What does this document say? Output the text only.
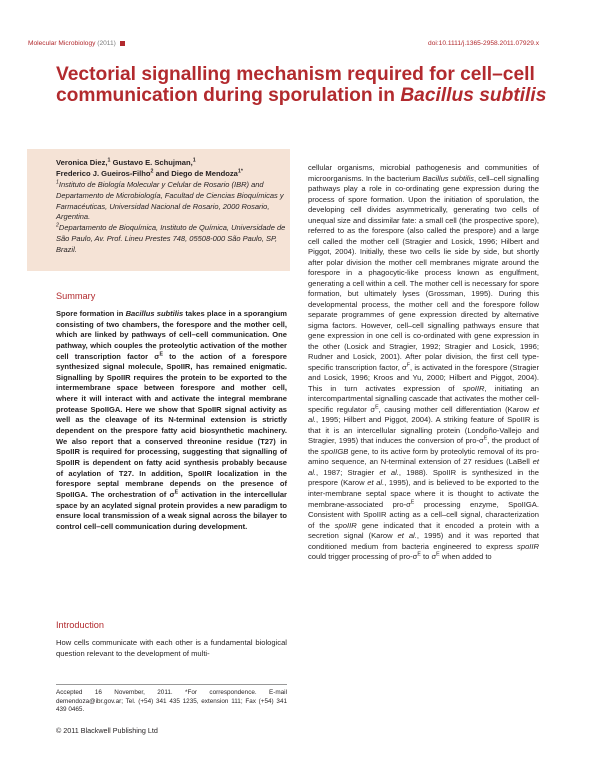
Molecular Microbiology (2011)	doi:10.1111/j.1365-2958.2011.07929.x
Vectorial signalling mechanism required for cell–cell
communication during sporulation in Bacillus subtilis
Veronica Diez,$^1$ Gustavo E. Schujman,$^1$
Frederico J. Gueiros-Filho$^2$ and Diego de Mendoza$^{1*}$

$^1$Instituto de Biología Molecular y Celular de Rosario (IBR) and Departamento de Microbiología, Facultad de Ciencias Bioquímicas y Farmacéuticas, Universidad Nacional de Rosario, 2000 Rosario, Argentina.

$^2$Departamento de Bioquímica, Instituto de Química, Universidade de São Paulo, Av. Prof. Lineu Prestes 748, 05508-000 São Paulo, SP, Brazil.

Summary
Spore formation in Bacillus subtilis takes place in a sporangium consisting of two chambers, the forespore and the mother cell, which are linked by pathways of cell–cell communication. One pathway, which couples the proteolytic activation of the mother cell transcription factor $\sigma^E$ to the action of a forespore synthesized signal molecule, SpoIIR, has remained enigmatic. Signalling by SpoIIR requires the protein to be exported to the intermembrane space between forespore and mother cell, where it will interact with and activate the integral membrane protease SpoIIGA. Here we show that SpoIIR signal activity as well as the cleavage of its N-terminal extension is strictly dependent on the prespore fatty acid biosynthetic machinery. We also report that a conserved threonine residue (T27) in SpoIIR is required for processing, suggesting that signalling of SpoIIR is dependent on fatty acid synthesis probably because of acylation of T27. In addition, SpoIIR localization in the forespore septal membrane depends on the presence of SpoIIGA. The orchestration of $\sigma^E$ activation in the intercellular space by an acylated signal protein provides a new paradigm to ensure local transmission of a weak signal across the bilayer to control cell–cell communication during development.
Introduction
How cells communicate with each other is a fundamental biological question relevant to the development of multi-
Accepted 16 November, 2011. *For correspondence. E-mail demendoza@ibr.gov.ar; Tel. (+54) 341 435 1235, extension 111; Fax (+54) 341 439 0465.
© 2011 Blackwell Publishing Ltd
cellular organisms, microbial pathogenesis and communities of microorganisms. In the bacterium Bacillus subtilis, cell–cell signalling pathways play a role in co-ordinating gene expression during the process of spore formation. Upon the initiation of sporulation, the developing cell divides asymmetrically, generating two cells of unequal size and dissimilar fate: a small cell (the prospective spore), referred to as the forespore (also called the prespore) and a large cell called the mother cell (Stragier and Losick, 1996; Hilbert and Piggot, 2004). Initially, these two cells lie side by side, but shortly after polar division the mother cell membranes migrate around the forespore in a phagocytic-like process known as engulfment, generating a cell within a cell. The mother cell is necessary for spore formation, but ultimately lyses (Grossman, 1995). During this developmental process, the mother cell and the forespore follow separate programmes of gene expression directed by alternative sigma factors. However, cell–cell signalling pathways ensure that gene expression in one cell is co-ordinated with gene expression in the other (Losick and Stragier, 1992; Stragier and Losick, 1996; Rudner and Losick, 2001). After polar division, the first cell type-specific transcription factor, $\sigma^F$, is activated in the forespore (Stragier and Losick, 1996; Kroos and Yu, 2000; Hilbert and Piggot, 2004). This in turn activates expression of spoIIR, initiating an intercompartmental signalling cascade that activates the mother cell-specific regulator $\sigma^E$, causing mother cell differentiation (Karow et al., 1995; Hilbert and Piggot, 2004). A striking feature of SpoIIR is that it is an intercellular signalling protein (Londoño-Vallejo and Stragier, 1995) that induces the conversion of pro-$\sigma^E$, the product of the spoIIGB gene, to its active form by proteolytic removal of its pro-amino sequence, an N-terminal extension of 27 residues (LaBell et al., 1987; Stragier et al., 1988). SpoIIR is synthesized in the prespore (Karow et al., 1995), and is believed to be exported to the inter-membrane septal space where it is thought to activate the membrane-associated pro-$\sigma^E$ processing enzyme, SpoIIGA. Consistent with SpoIIR acting as a cell–cell signal, characterization of the spoIIR gene indicated that it encoded a protein with a secretion signal (Karow et al., 1995) and it was reported that conditioned medium from bacteria engineered to express spoIIR could trigger processing of pro-$\sigma^E$ to $\sigma^E$ when added to
